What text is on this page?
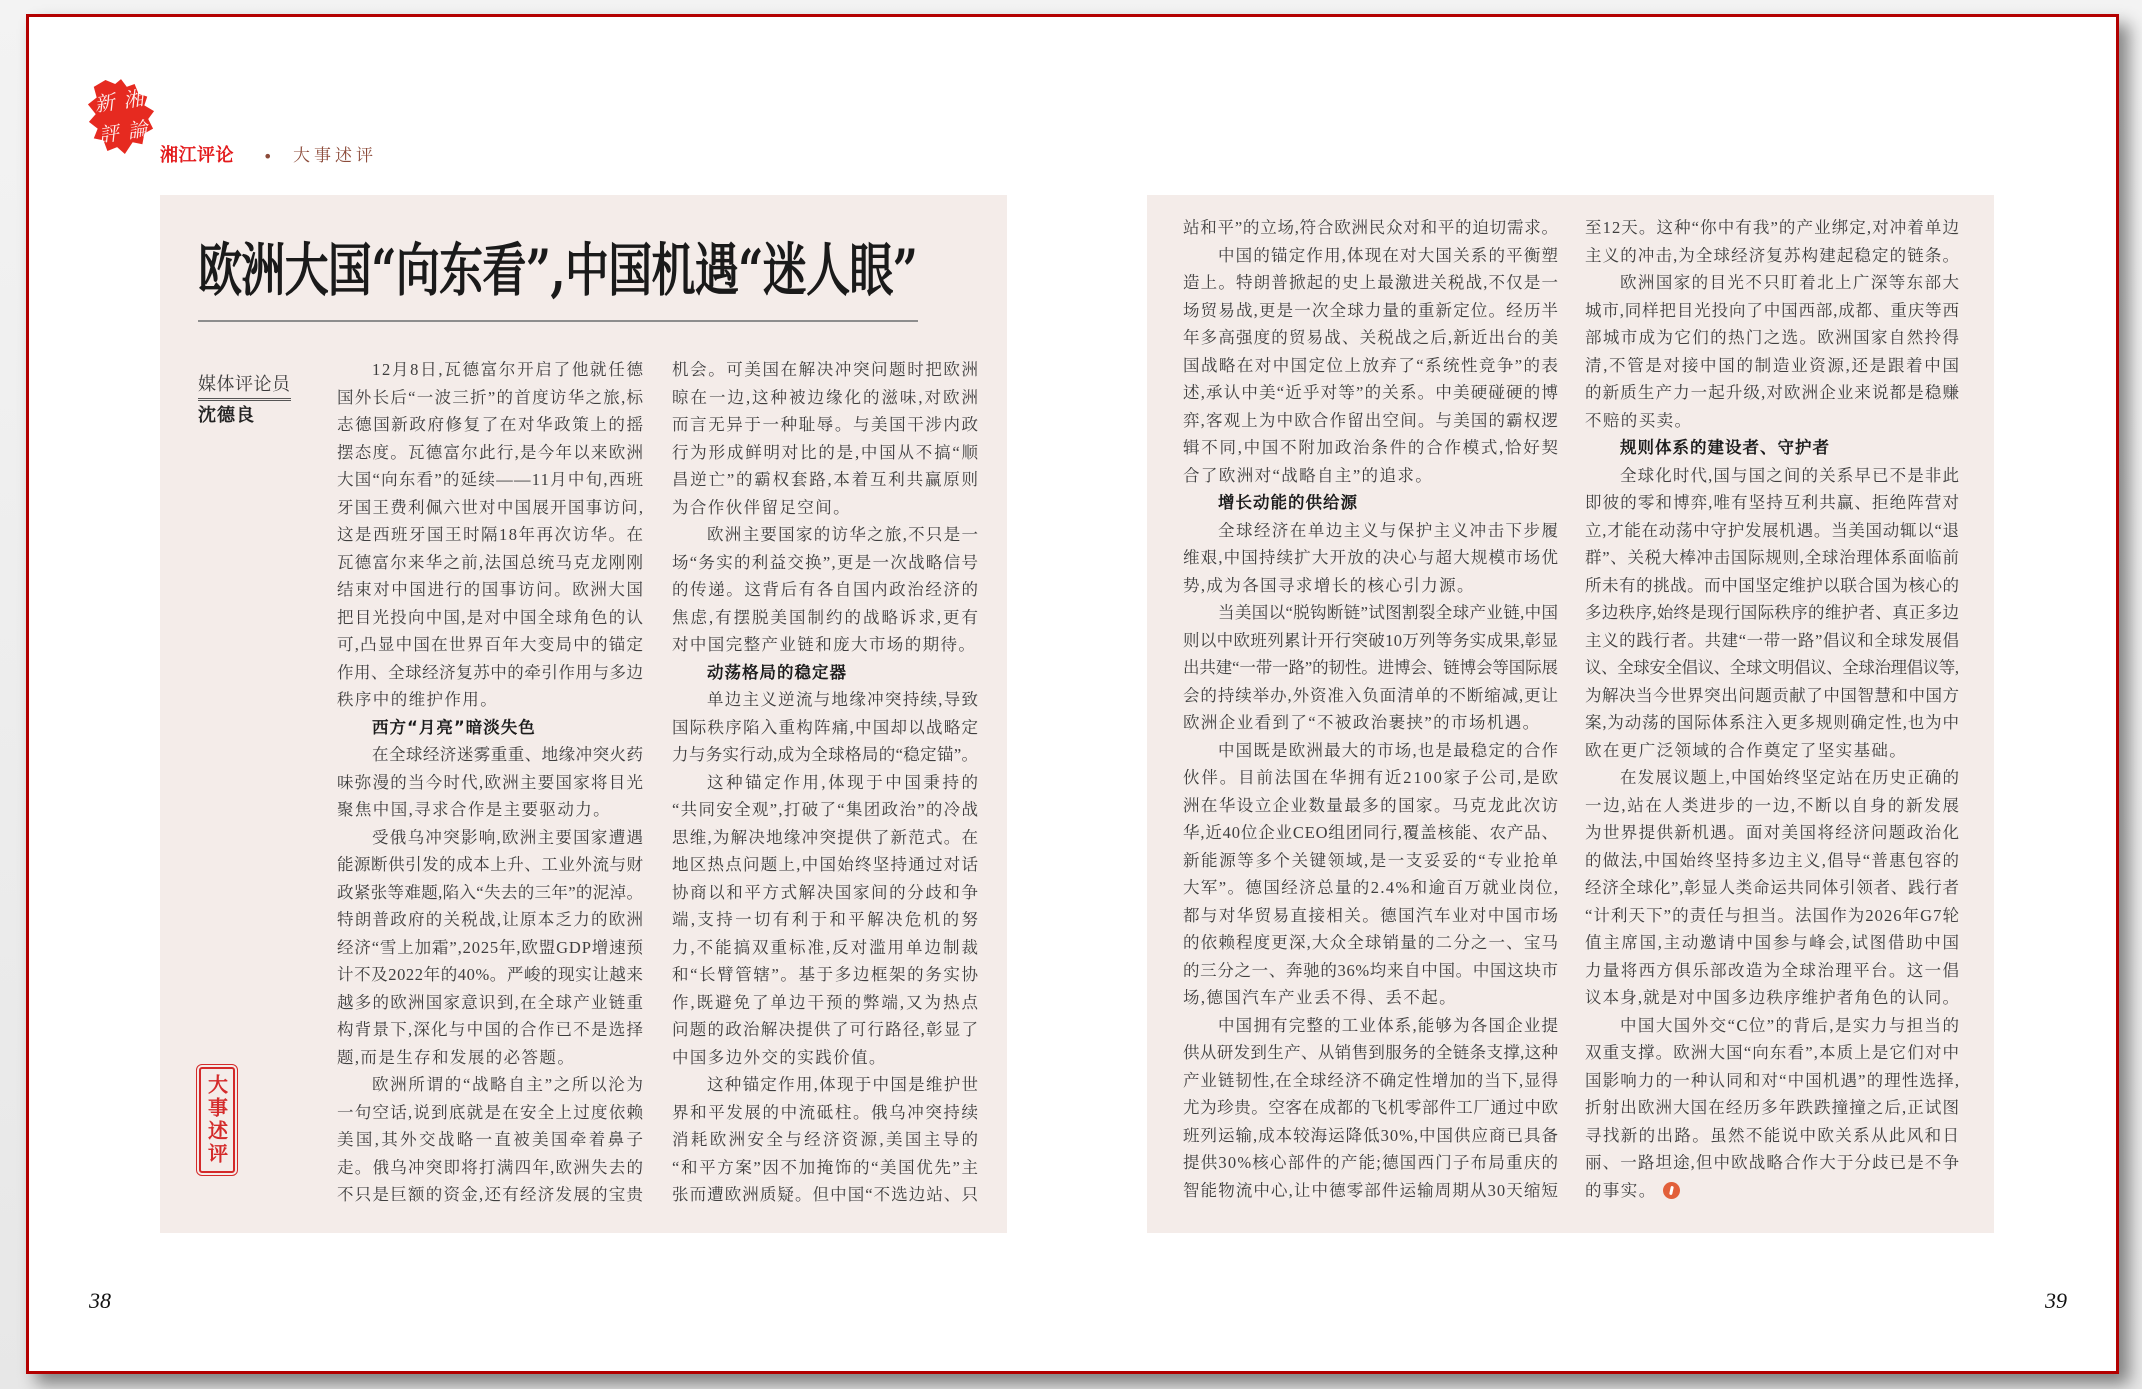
新 湘
評 論
湘江评论 • 大事述评
欧洲大国“向东看”,中国机遇“迷人眼”
媒体评论员
沈德良
大事述评
12月8日,瓦德富尔开启了他就任德
国外长后“一波三折”的首度访华之旅,标
志德国新政府修复了在对华政策上的摇
摆态度。瓦德富尔此行,是今年以来欧洲
大国“向东看”的延续——11月中旬,西班
牙国王费利佩六世对中国展开国事访问,
这是西班牙国王时隔18年再次访华。在
瓦德富尔来华之前,法国总统马克龙刚刚
结束对中国进行的国事访问。欧洲大国
把目光投向中国,是对中国全球角色的认
可,凸显中国在世界百年大变局中的锚定
作用、全球经济复苏中的牵引作用与多边
秩序中的维护作用。
西方“月亮”暗淡失色
在全球经济迷雾重重、地缘冲突火药
味弥漫的当今时代,欧洲主要国家将目光
聚焦中国,寻求合作是主要驱动力。
受俄乌冲突影响,欧洲主要国家遭遇
能源断供引发的成本上升、工业外流与财
政紧张等难题,陷入“失去的三年”的泥淖。
特朗普政府的关税战,让原本乏力的欧洲
经济“雪上加霜”,2025年,欧盟GDP增速预
计不及2022年的40%。严峻的现实让越来
越多的欧洲国家意识到,在全球产业链重
构背景下,深化与中国的合作已不是选择
题,而是生存和发展的必答题。
欧洲所谓的“战略自主”之所以沦为
一句空话,说到底就是在安全上过度依赖
美国,其外交战略一直被美国牵着鼻子
走。俄乌冲突即将打满四年,欧洲失去的
不只是巨额的资金,还有经济发展的宝贵
机会。可美国在解决冲突问题时把欧洲
晾在一边,这种被边缘化的滋味,对欧洲
而言无异于一种耻辱。与美国干涉内政
行为形成鲜明对比的是,中国从不搞“顺
昌逆亡”的霸权套路,本着互利共赢原则
为合作伙伴留足空间。
欧洲主要国家的访华之旅,不只是一
场“务实的利益交换”,更是一次战略信号
的传递。这背后有各自国内政治经济的
焦虑,有摆脱美国制约的战略诉求,更有
对中国完整产业链和庞大市场的期待。
动荡格局的稳定器
单边主义逆流与地缘冲突持续,导致
国际秩序陷入重构阵痛,中国却以战略定
力与务实行动,成为全球格局的“稳定锚”。
这种锚定作用,体现于中国秉持的
“共同安全观”,打破了“集团政治”的冷战
思维,为解决地缘冲突提供了新范式。在
地区热点问题上,中国始终坚持通过对话
协商以和平方式解决国家间的分歧和争
端,支持一切有利于和平解决危机的努
力,不能搞双重标准,反对滥用单边制裁
和“长臂管辖”。基于多边框架的务实协
作,既避免了单边干预的弊端,又为热点
问题的政治解决提供了可行路径,彰显了
中国多边外交的实践价值。
这种锚定作用,体现于中国是维护世
界和平发展的中流砥柱。俄乌冲突持续
消耗欧洲安全与经济资源,美国主导的
“和平方案”因不加掩饰的“美国优先”主
张而遭欧洲质疑。但中国“不选边站、只
站和平”的立场,符合欧洲民众对和平的迫切需求。
中国的锚定作用,体现在对大国关系的平衡塑
造上。特朗普掀起的史上最激进关税战,不仅是一
场贸易战,更是一次全球力量的重新定位。经历半
年多高强度的贸易战、关税战之后,新近出台的美
国战略在对中国定位上放弃了“系统性竞争”的表
述,承认中美“近乎对等”的关系。中美硬碰硬的博
弈,客观上为中欧合作留出空间。与美国的霸权逻
辑不同,中国不附加政治条件的合作模式,恰好契
合了欧洲对“战略自主”的追求。
增长动能的供给源
全球经济在单边主义与保护主义冲击下步履
维艰,中国持续扩大开放的决心与超大规模市场优
势,成为各国寻求增长的核心引力源。
当美国以“脱钩断链”试图割裂全球产业链,中国
则以中欧班列累计开行突破10万列等务实成果,彰显
出共建“一带一路”的韧性。进博会、链博会等国际展
会的持续举办,外资准入负面清单的不断缩减,更让
欧洲企业看到了“不被政治裹挟”的市场机遇。
中国既是欧洲最大的市场,也是最稳定的合作
伙伴。目前法国在华拥有近2100家子公司,是欧
洲在华设立企业数量最多的国家。马克龙此次访
华,近40位企业CEO组团同行,覆盖核能、农产品、
新能源等多个关键领域,是一支妥妥的“专业抢单
大军”。德国经济总量的2.4%和逾百万就业岗位,
都与对华贸易直接相关。德国汽车业对中国市场
的依赖程度更深,大众全球销量的二分之一、宝马
的三分之一、奔驰的36%均来自中国。中国这块市
场,德国汽车产业丢不得、丢不起。
中国拥有完整的工业体系,能够为各国企业提
供从研发到生产、从销售到服务的全链条支撑,这种
产业链韧性,在全球经济不确定性增加的当下,显得
尤为珍贵。空客在成都的飞机零部件工厂通过中欧
班列运输,成本较海运降低30%,中国供应商已具备
提供30%核心部件的产能;德国西门子布局重庆的
智能物流中心,让中德零部件运输周期从30天缩短
至12天。这种“你中有我”的产业绑定,对冲着单边
主义的冲击,为全球经济复苏构建起稳定的链条。
欧洲国家的目光不只盯着北上广深等东部大
城市,同样把目光投向了中国西部,成都、重庆等西
部城市成为它们的热门之选。欧洲国家自然拎得
清,不管是对接中国的制造业资源,还是跟着中国
的新质生产力一起升级,对欧洲企业来说都是稳赚
不赔的买卖。
规则体系的建设者、守护者
全球化时代,国与国之间的关系早已不是非此
即彼的零和博弈,唯有坚持互利共赢、拒绝阵营对
立,才能在动荡中守护发展机遇。当美国动辄以“退
群”、关税大棒冲击国际规则,全球治理体系面临前
所未有的挑战。而中国坚定维护以联合国为核心的
多边秩序,始终是现行国际秩序的维护者、真正多边
主义的践行者。共建“一带一路”倡议和全球发展倡
议、全球安全倡议、全球文明倡议、全球治理倡议等,
为解决当今世界突出问题贡献了中国智慧和中国方
案,为动荡的国际体系注入更多规则确定性,也为中
欧在更广泛领域的合作奠定了坚实基础。
在发展议题上,中国始终坚定站在历史正确的
一边,站在人类进步的一边,不断以自身的新发展
为世界提供新机遇。面对美国将经济问题政治化
的做法,中国始终坚持多边主义,倡导“普惠包容的
经济全球化”,彰显人类命运共同体引领者、践行者
“计利天下”的责任与担当。法国作为2026年G7轮
值主席国,主动邀请中国参与峰会,试图借助中国
力量将西方俱乐部改造为全球治理平台。这一倡
议本身,就是对中国多边秩序维护者角色的认同。
中国大国外交“C位”的背后,是实力与担当的
双重支撑。欧洲大国“向东看”,本质上是它们对中
国影响力的一种认同和对“中国机遇”的理性选择,
折射出欧洲大国在经历多年跌跌撞撞之后,正试图
寻找新的出路。虽然不能说中欧关系从此风和日
丽、一路坦途,但中欧战略合作大于分歧已是不争
的事实。
38	39
